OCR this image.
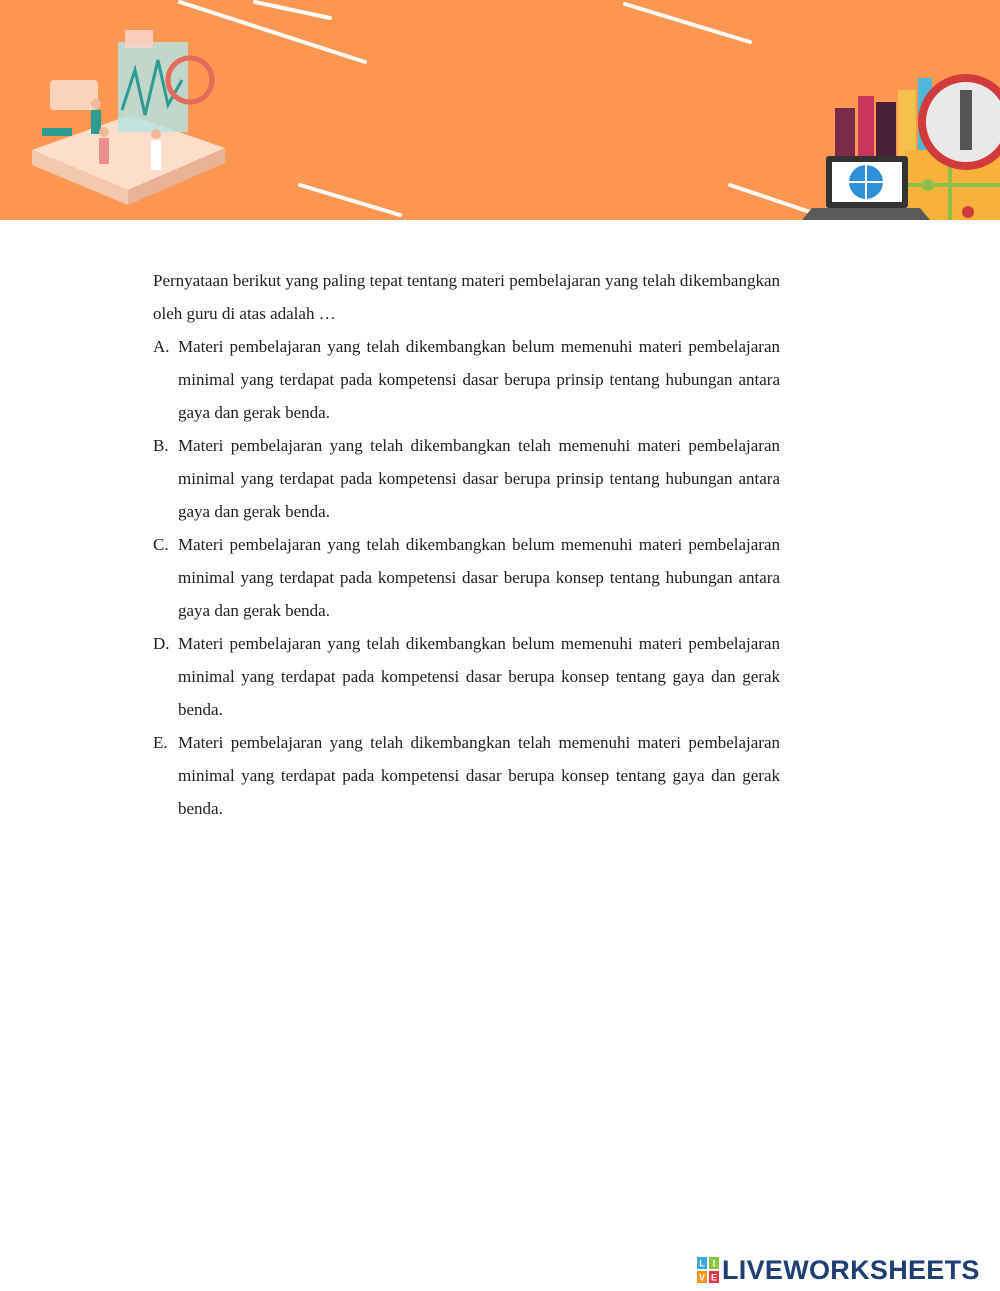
Pernyataan berikut yang paling tepat tentang materi pembelajaran yang telah dikembangkan oleh guru di atas adalah …

A. Materi pembelajaran yang telah dikembangkan belum memenuhi materi pembelajaran minimal yang terdapat pada kompetensi dasar berupa prinsip tentang hubungan antara gaya dan gerak benda.
B. Materi pembelajaran yang telah dikembangkan telah memenuhi materi pembelajaran minimal yang terdapat pada kompetensi dasar berupa prinsip tentang hubungan antara gaya dan gerak benda.
C. Materi pembelajaran yang telah dikembangkan belum memenuhi materi pembelajaran minimal yang terdapat pada kompetensi dasar berupa konsep tentang hubungan antara gaya dan gerak benda.
D. Materi pembelajaran yang telah dikembangkan belum memenuhi materi pembelajaran minimal yang terdapat pada kompetensi dasar berupa konsep tentang gaya dan gerak benda.
E. Materi pembelajaran yang telah dikembangkan telah memenuhi materi pembelajaran minimal yang terdapat pada kompetensi dasar berupa konsep tentang gaya dan gerak benda.
L I
V E LIVEWORKSHEETS
